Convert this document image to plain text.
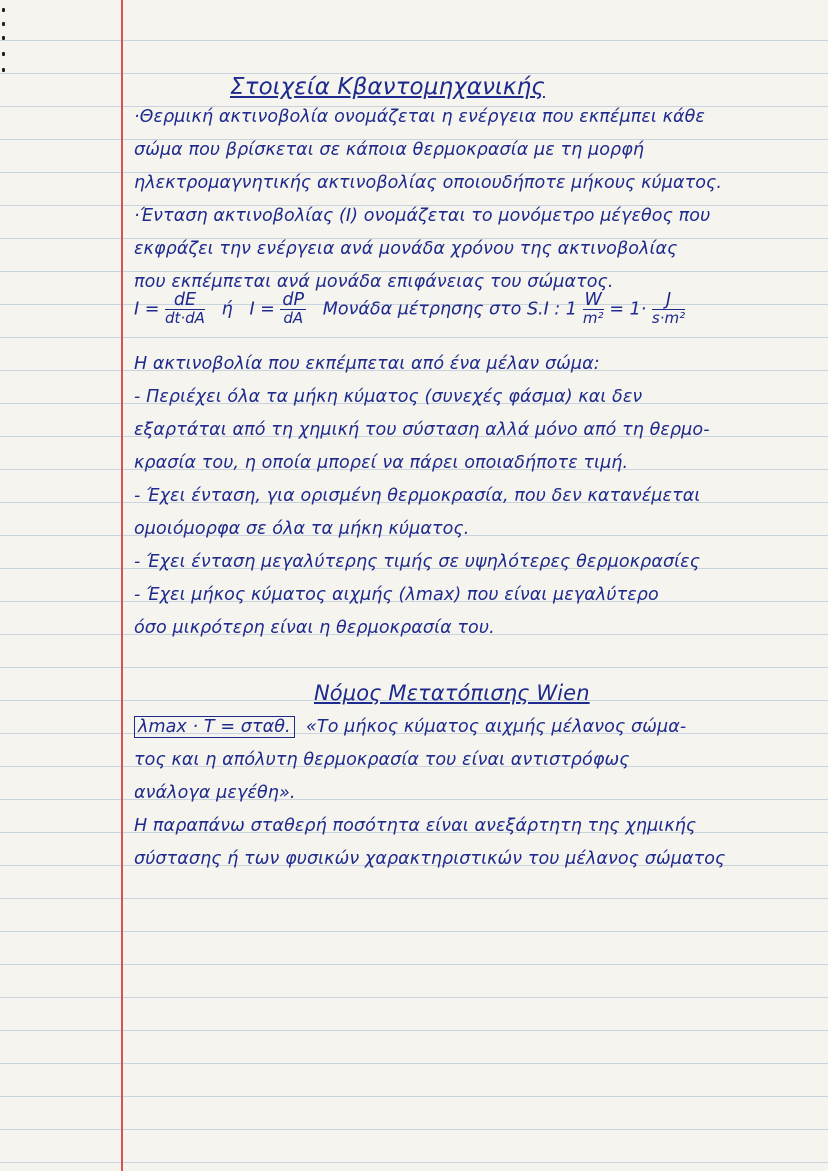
Στοιχεία Κβαντομηχανικής
·Θερμική ακτινοβολία ονομάζεται η ενέργεια που εκπέμπει κάθε
σώμα που βρίσκεται σε κάποια θερμοκρασία με τη μορφή
ηλεκτρομαγνητικής ακτινοβολίας οποιουδήποτε μήκους κύματος.
·Ένταση ακτινοβολίας (I) ονομάζεται το μονόμετρο μέγεθος που
εκφράζει την ενέργεια ανά μονάδα χρόνου της ακτινοβολίας
που εκπέμπεται ανά μονάδα επιφάνειας του σώματος.
$I = \frac{dE}{dt\cdot dA}$ ή $I = \frac{dP}{dA}$ Μονάδα μέτρησης στο S.I : $1 \frac{W}{\text{m²}} = 1\cdot \frac{J}{\text{s·m²}}$
Η ακτινοβολία που εκπέμπεται από ένα μέλαν σώμα:
- Περιέχει όλα τα μήκη κύματος (συνεχές φάσμα) και δεν
εξαρτάται από τη χημική του σύσταση αλλά μόνο από τη θερμο-
κρασία του, η οποία μπορεί να πάρει οποιαδήποτε τιμή.
- Έχει ένταση, για ορισμένη θερμοκρασία, που δεν κατανέμεται
ομοιόμορφα σε όλα τα μήκη κύματος.
- Έχει ένταση μεγαλύτερης τιμής σε υψηλότερες θερμοκρασίες
- Έχει μήκος κύματος αιχμής (λmax) που είναι μεγαλύτερο
όσο μικρότερη είναι η θερμοκρασία του.
Νόμος Μετατόπισης Wien
λmax · T = σταθ. «Το μήκος κύματος αιχμής μέλανος σώμα-
τος και η απόλυτη θερμοκρασία του είναι αντιστρόφως
ανάλογα μεγέθη».
Η παραπάνω σταθερή ποσότητα είναι ανεξάρτητη της χημικής
σύστασης ή των φυσικών χαρακτηριστικών του μέλανος σώματος
